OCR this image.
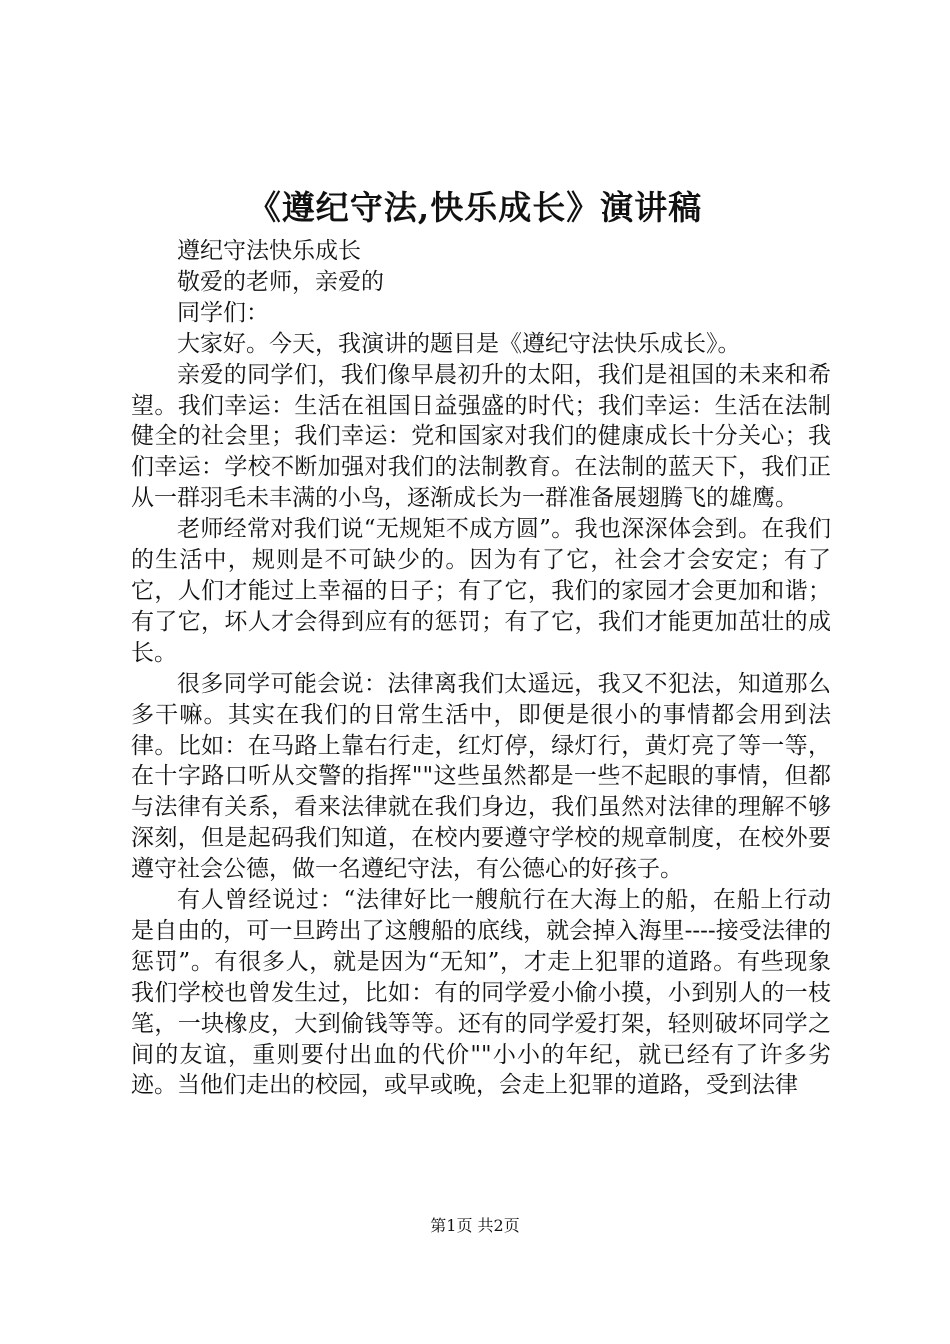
《遵纪守法,快乐成长》演讲稿

遵纪守法快乐成长

敬爱的老师，亲爱的

同学们：

大家好。今天，我演讲的题目是《遵纪守法快乐成长》。

亲爱的同学们，我们像早晨初升的太阳，我们是祖国的未来和希望。我们幸运：生活在祖国日益强盛的时代；我们幸运：生活在法制健全的社会里；我们幸运：党和国家对我们的健康成长十分关心；我们幸运：学校不断加强对我们的法制教育。在法制的蓝天下，我们正从一群羽毛未丰满的小鸟，逐渐成长为一群准备展翅腾飞的雄鹰。

老师经常对我们说“无规矩不成方圆”。我也深深体会到。在我们的生活中，规则是不可缺少的。因为有了它，社会才会安定；有了它，人们才能过上幸福的日子；有了它，我们的家园才会更加和谐；有了它，坏人才会得到应有的惩罚；有了它，我们才能更加茁壮的成长。

很多同学可能会说：法律离我们太遥远，我又不犯法，知道那么多干嘛。其实在我们的日常生活中，即便是很小的事情都会用到法律。比如：在马路上靠右行走，红灯停，绿灯行，黄灯亮了等一等，在十字路口听从交警的指挥""这些虽然都是一些不起眼的事情，但都与法律有关系，看来法律就在我们身边，我们虽然对法律的理解不够深刻，但是起码我们知道，在校内要遵守学校的规章制度，在校外要遵守社会公德，做一名遵纪守法，有公德心的好孩子。

有人曾经说过：“法律好比一艘航行在大海上的船，在船上行动是自由的，可一旦跨出了这艘船的底线，就会掉入海里----接受法律的惩罚”。有很多人，就是因为“无知”，才走上犯罪的道路。有些现象我们学校也曾发生过，比如：有的同学爱小偷小摸，小到别人的一枝笔，一块橡皮，大到偷钱等等。还有的同学爱打架，轻则破坏同学之间的友谊，重则要付出血的代价""小小的年纪，就已经有了许多劣迹。当他们走出的校园，或早或晚，会走上犯罪的道路，受到法律

第1页 共2页
